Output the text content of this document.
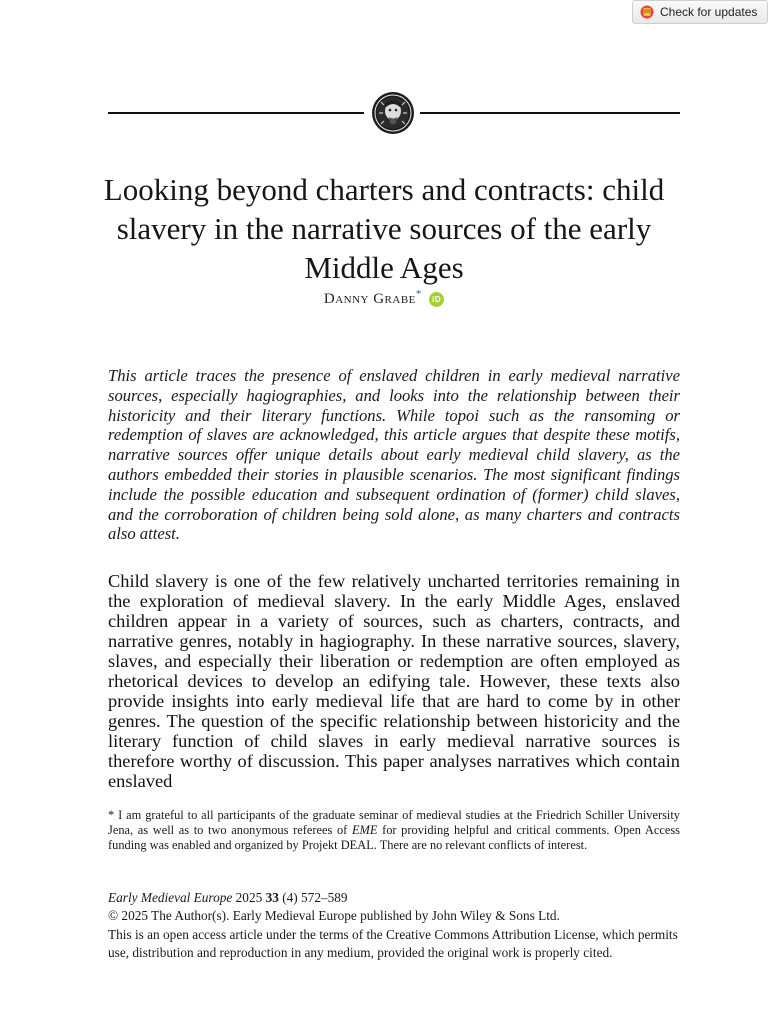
Check for updates
Looking beyond charters and contracts: child slavery in the narrative sources of the early Middle Ages
Danny Grabe* iD

This article traces the presence of enslaved children in early medieval narrative sources, especially hagiographies, and looks into the relationship between their historicity and their literary functions. While topoi such as the ransoming or redemption of slaves are acknowledged, this article argues that despite these motifs, narrative sources offer unique details about early medieval child slavery, as the authors embedded their stories in plausible scenarios. The most significant findings include the possible education and subsequent ordination of (former) child slaves, and the corroboration of children being sold alone, as many charters and contracts also attest.

Child slavery is one of the few relatively uncharted territories remaining in the exploration of medieval slavery. In the early Middle Ages, enslaved children appear in a variety of sources, such as charters, contracts, and narrative genres, notably in hagiography. In these narrative sources, slavery, slaves, and especially their liberation or redemption are often employed as rhetorical devices to develop an edifying tale. However, these texts also provide insights into early medieval life that are hard to come by in other genres. The question of the specific relationship between historicity and the literary function of child slaves in early medieval narrative sources is therefore worthy of discussion. This paper analyses narratives which contain enslaved

* I am grateful to all participants of the graduate seminar of medieval studies at the Friedrich Schiller University Jena, as well as to two anonymous referees of EME for providing helpful and critical comments. Open Access funding was enabled and organized by Projekt DEAL. There are no relevant conflicts of interest.

Early Medieval Europe 2025 33 (4) 572–589

© 2025 The Author(s). Early Medieval Europe published by John Wiley & Sons Ltd.

This is an open access article under the terms of the Creative Commons Attribution License, which permits use, distribution and reproduction in any medium, provided the original work is properly cited.
